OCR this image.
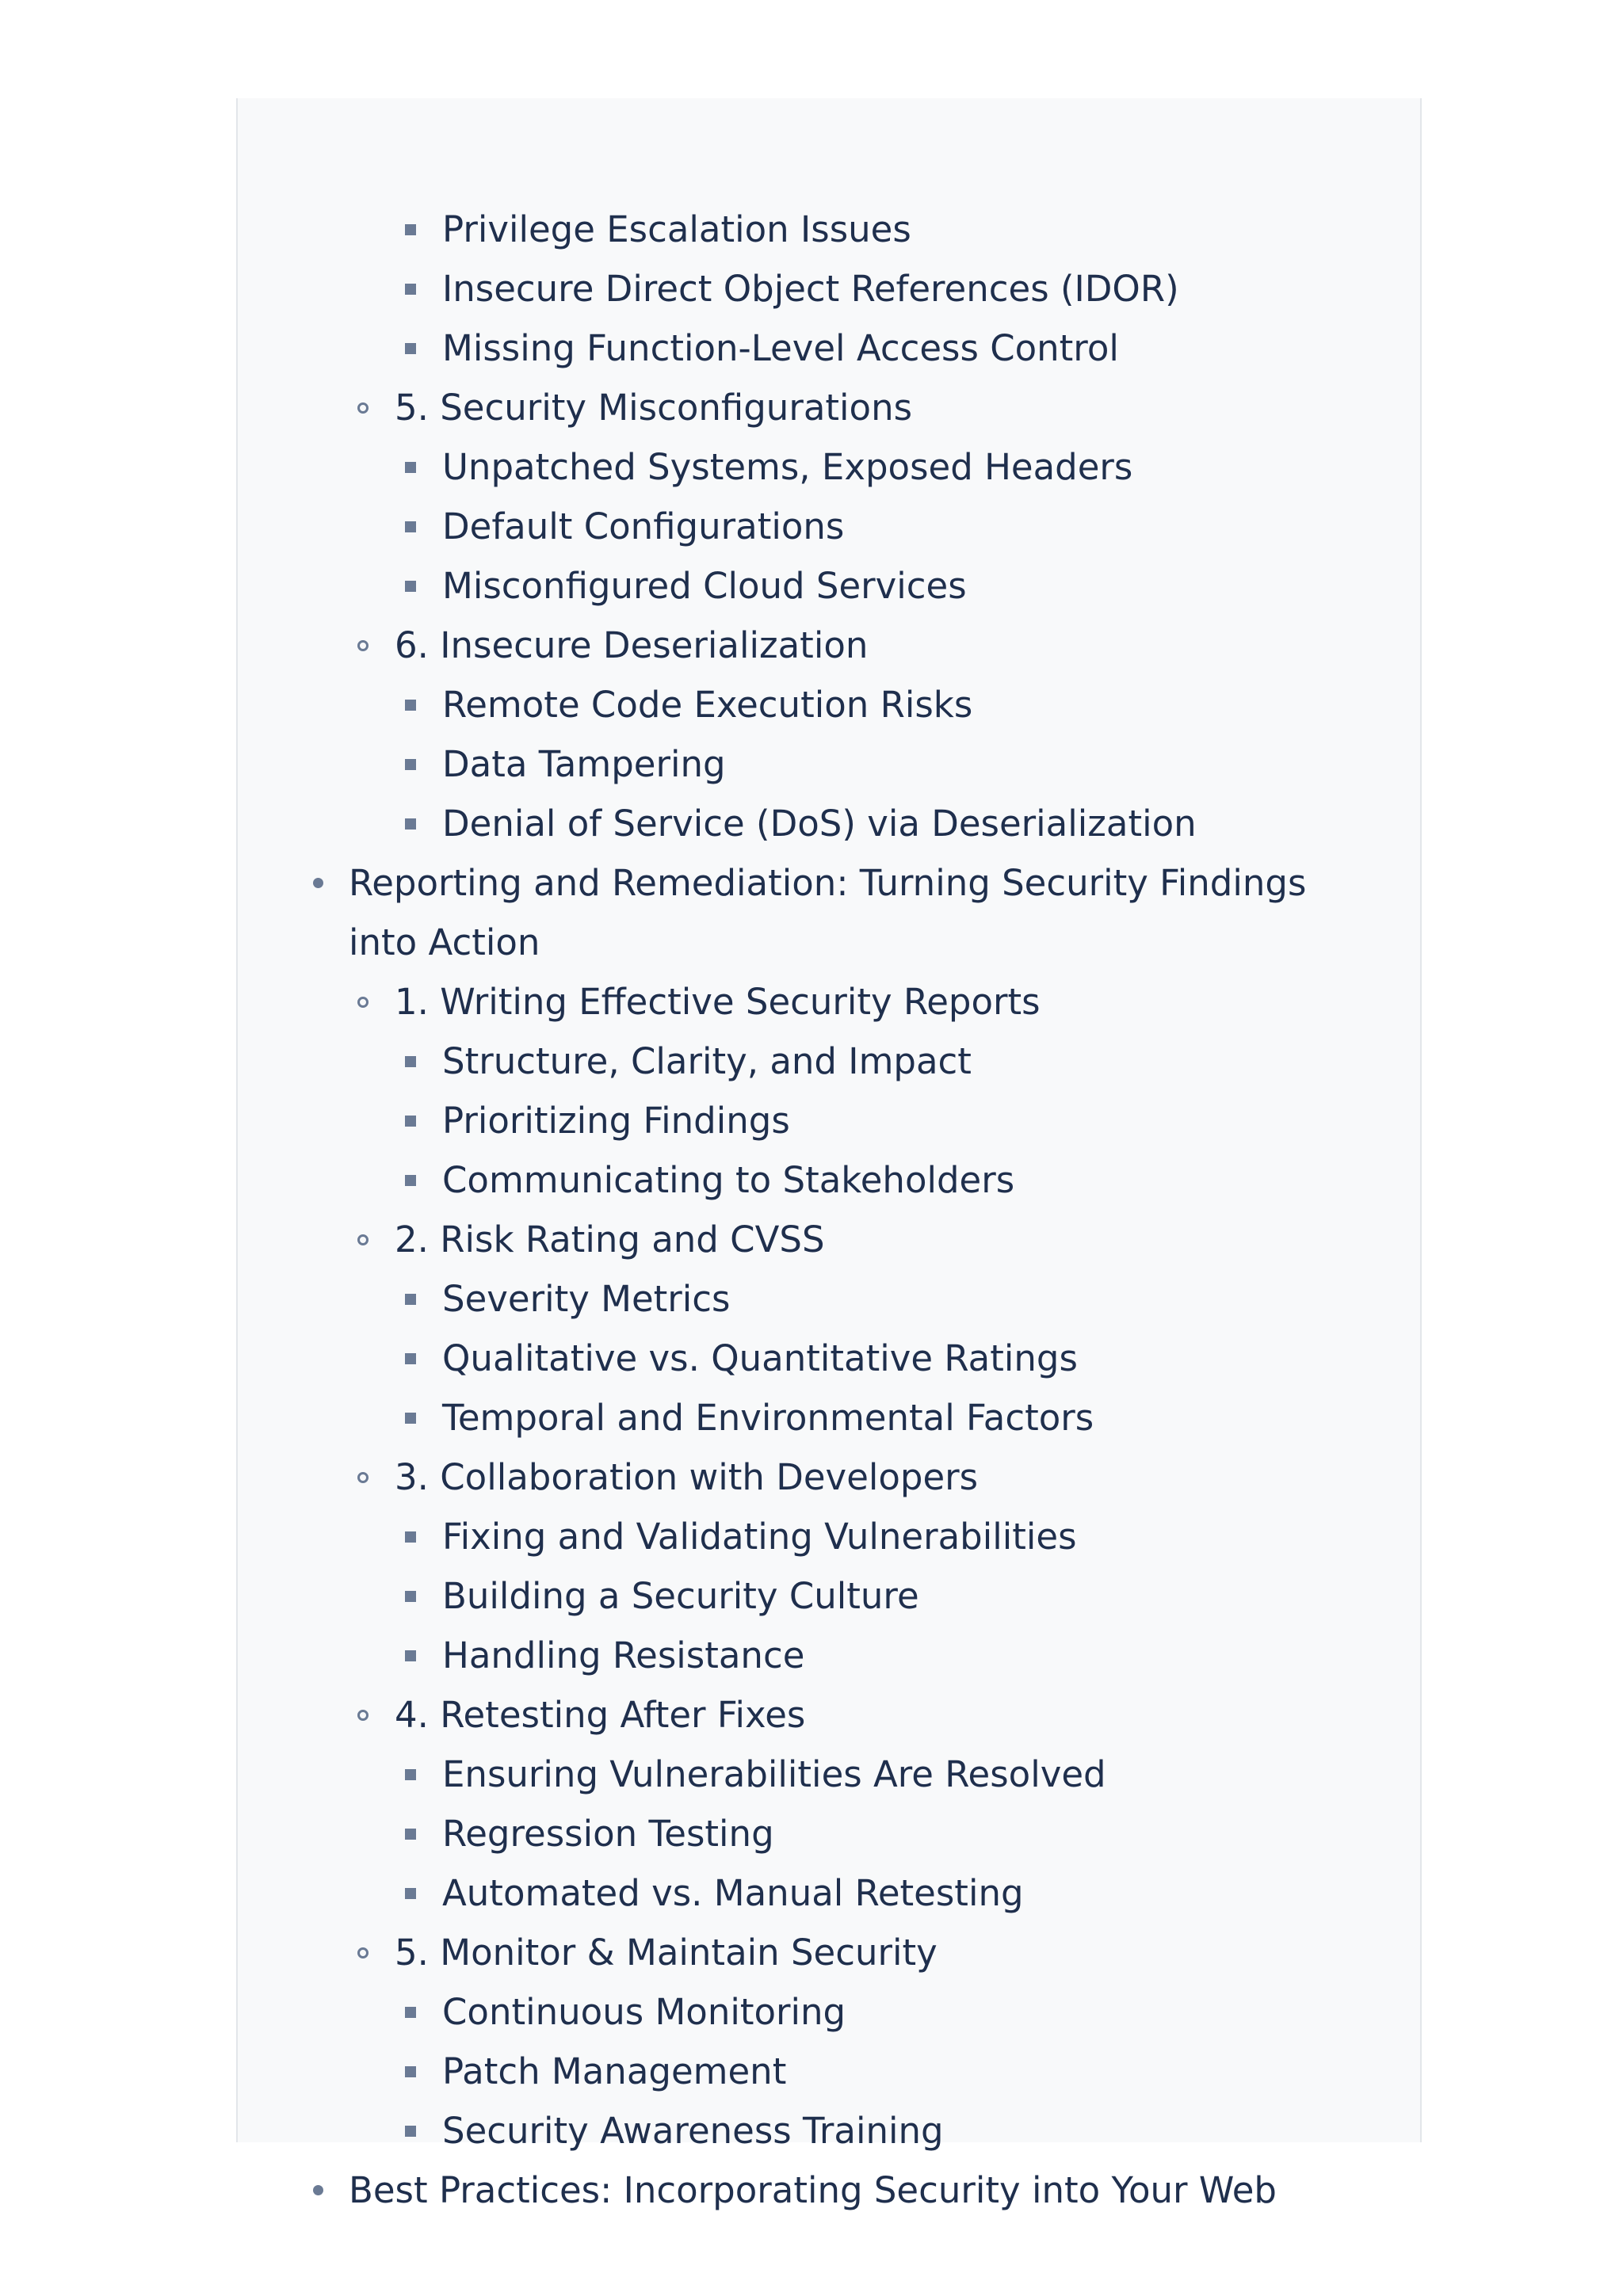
Privilege Escalation Issues
Insecure Direct Object References (IDOR)
Missing Function-Level Access Control
5. Security Misconfigurations
Unpatched Systems, Exposed Headers
Default Configurations
Misconfigured Cloud Services
6. Insecure Deserialization
Remote Code Execution Risks
Data Tampering
Denial of Service (DoS) via Deserialization
Reporting and Remediation: Turning Security Findings into Action
1. Writing Effective Security Reports
Structure, Clarity, and Impact
Prioritizing Findings
Communicating to Stakeholders
2. Risk Rating and CVSS
Severity Metrics
Qualitative vs. Quantitative Ratings
Temporal and Environmental Factors
3. Collaboration with Developers
Fixing and Validating Vulnerabilities
Building a Security Culture
Handling Resistance
4. Retesting After Fixes
Ensuring Vulnerabilities Are Resolved
Regression Testing
Automated vs. Manual Retesting
5. Monitor & Maintain Security
Continuous Monitoring
Patch Management
Security Awareness Training
Best Practices: Incorporating Security into Your Web
